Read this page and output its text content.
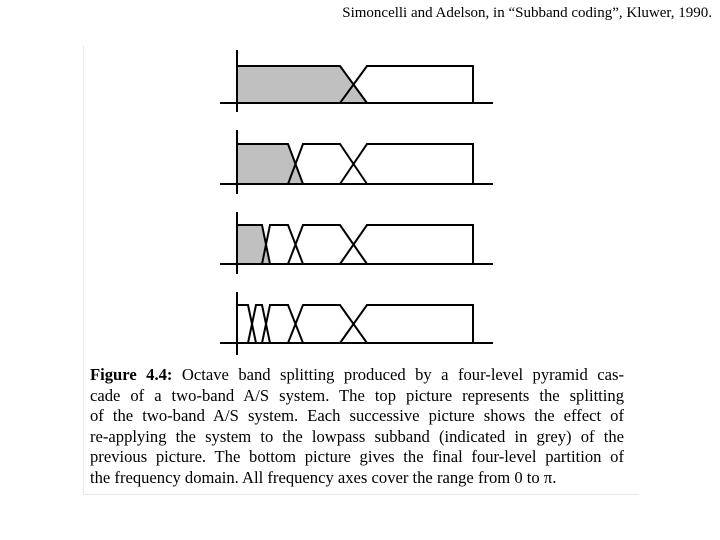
Simoncelli and Adelson, in “Subband coding”, Kluwer, 1990.
Figure 4.4: Octave band splitting produced by a four-level pyramid cas-
cade of a two-band A/S system. The top picture represents the splitting
of the two-band A/S system. Each successive picture shows the effect of
re-applying the system to the lowpass subband (indicated in grey) of the
previous picture. The bottom picture gives the final four-level partition of
the frequency domain. All frequency axes cover the range from 0 to π.
